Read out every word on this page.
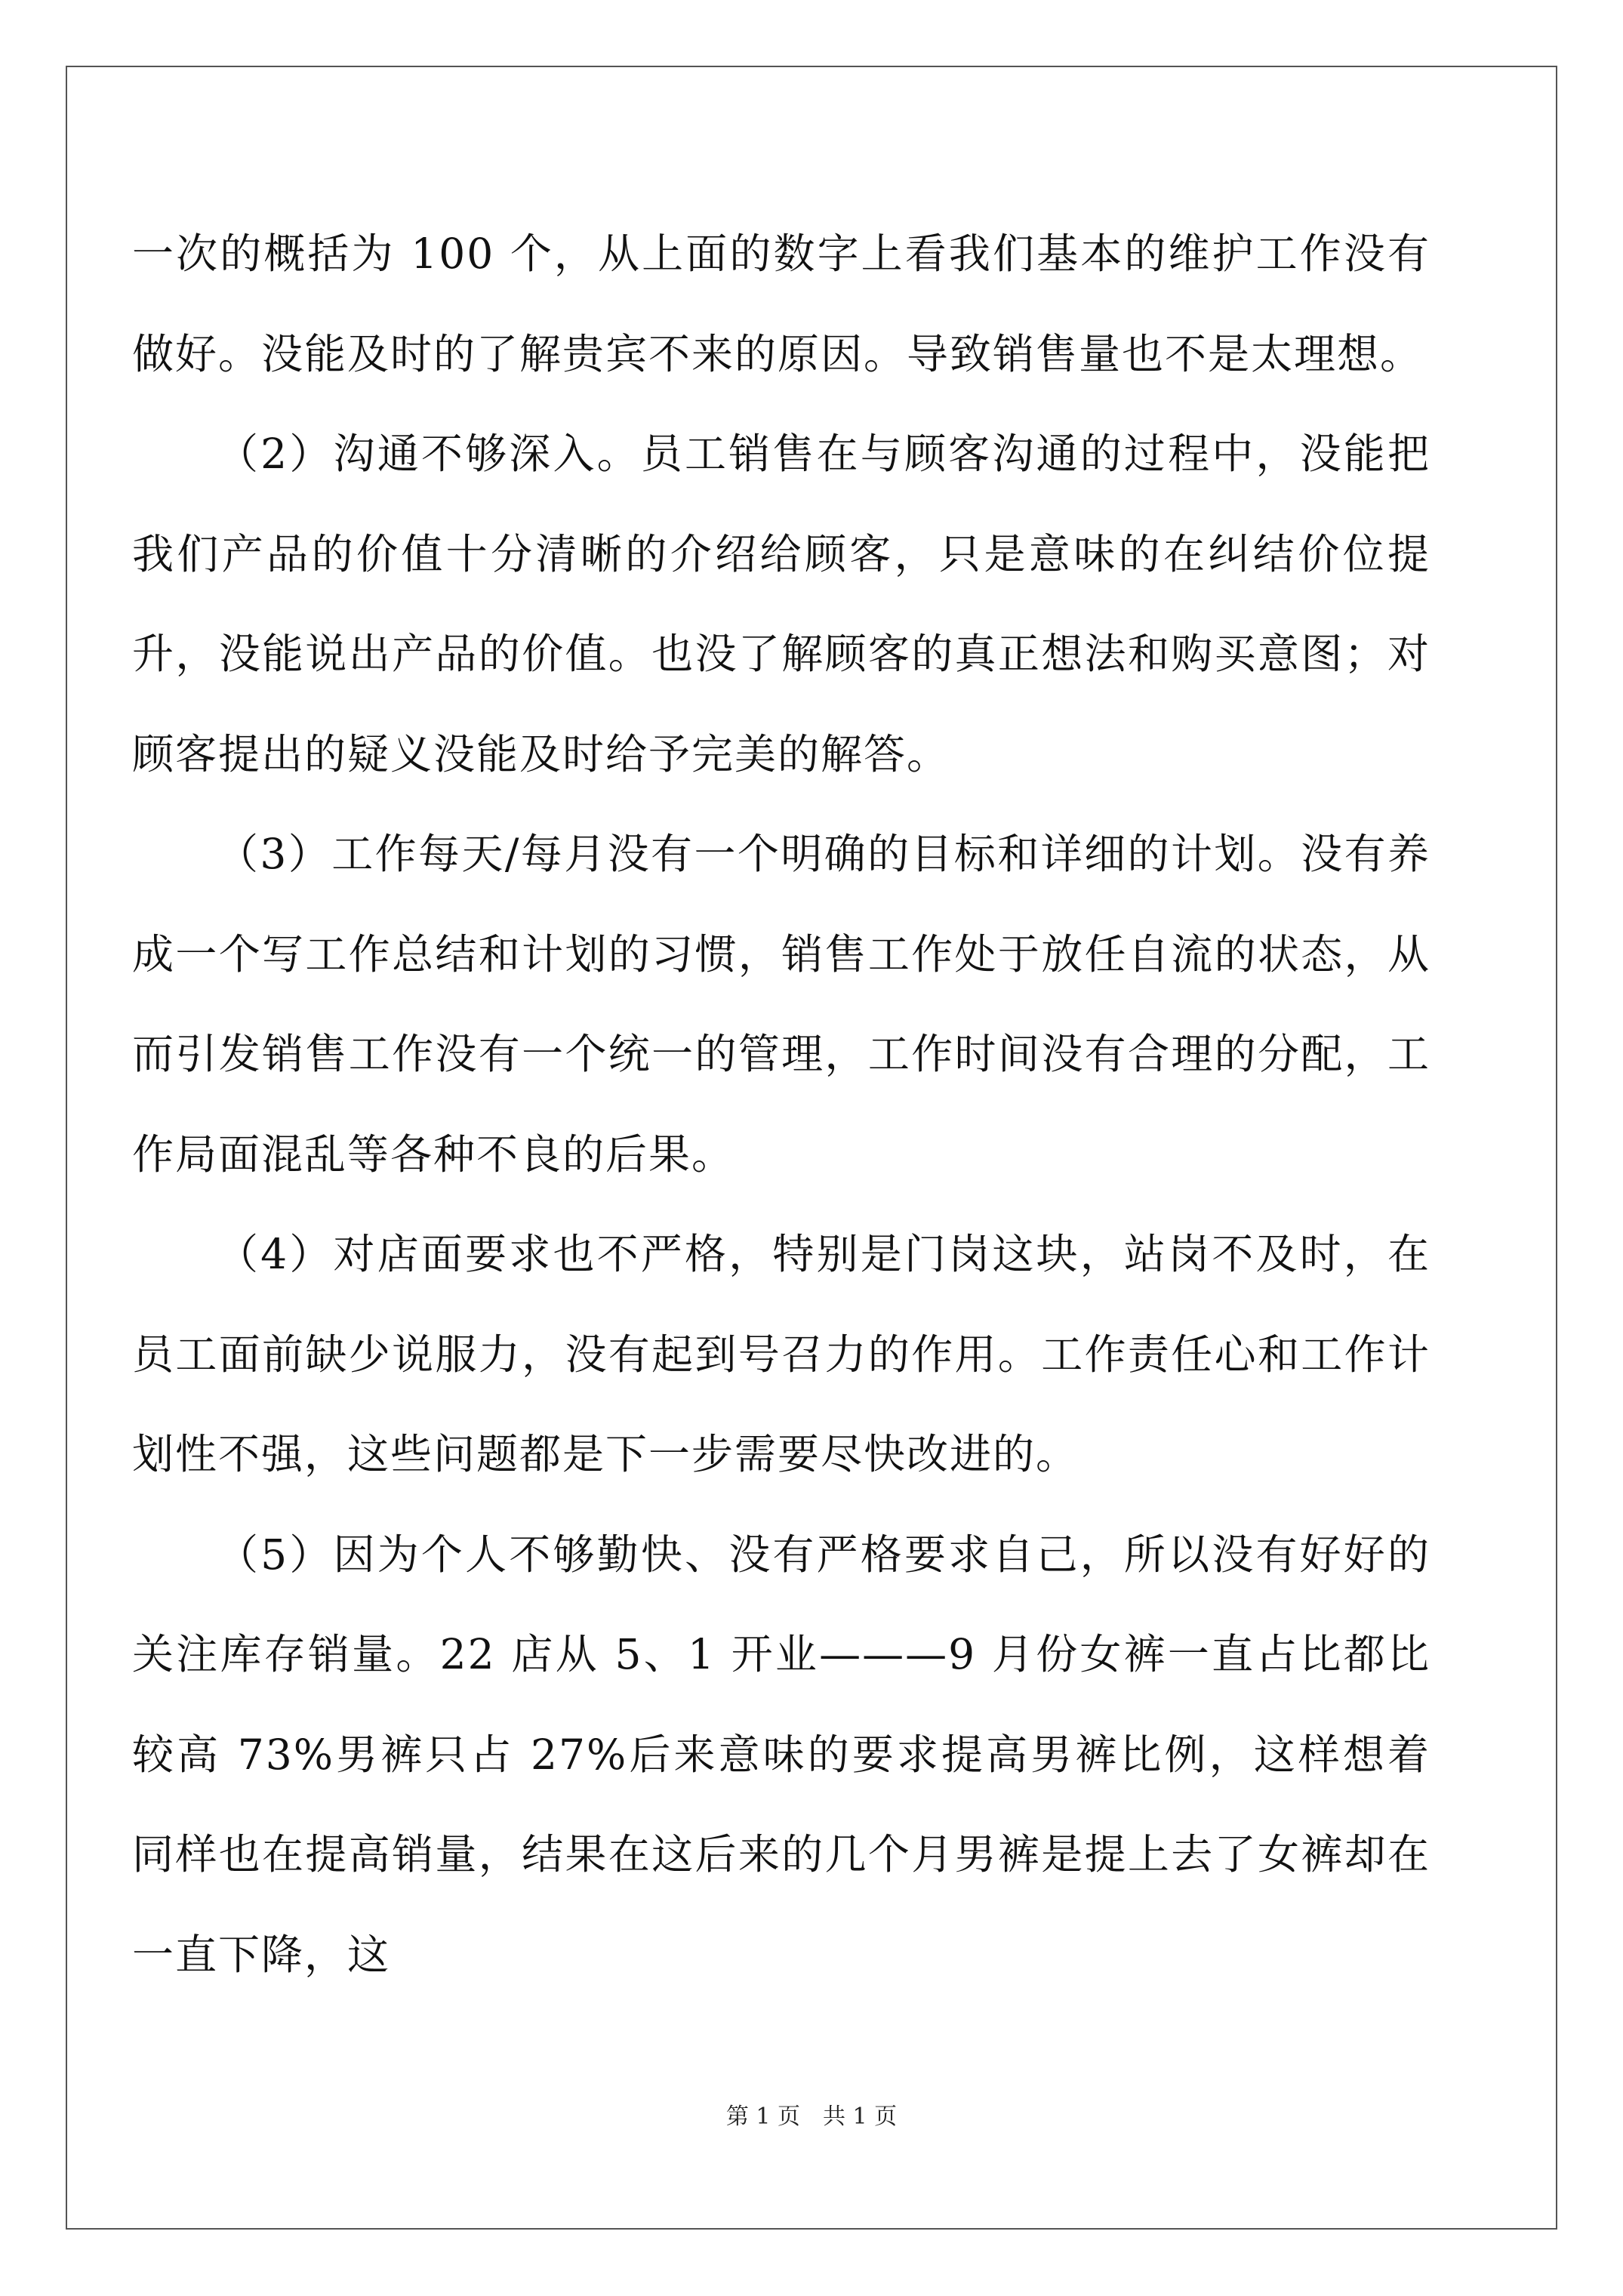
一次的概括为 100 个，从上面的数字上看我们基本的维护工作没有做好。没能及时的了解贵宾不来的原因。导致销售量也不是太理想。

（2）沟通不够深入。员工销售在与顾客沟通的过程中，没能把我们产品的价值十分清晰的介绍给顾客，只是意味的在纠结价位提升，没能说出产品的价值。也没了解顾客的真正想法和购买意图；对顾客提出的疑义没能及时给予完美的解答。

（3）工作每天/每月没有一个明确的目标和详细的计划。没有养成一个写工作总结和计划的习惯，销售工作处于放任自流的状态，从而引发销售工作没有一个统一的管理，工作时间没有合理的分配，工作局面混乱等各种不良的后果。

（4）对店面要求也不严格，特别是门岗这块，站岗不及时，在员工面前缺少说服力，没有起到号召力的作用。工作责任心和工作计划性不强，这些问题都是下一步需要尽快改进的。

（5）因为个人不够勤快、没有严格要求自己，所以没有好好的关注库存销量。22 店从 5、1 开业———9 月份女裤一直占比都比较高 73%男裤只占 27%后来意味的要求提高男裤比例，这样想着同样也在提高销量，结果在这后来的几个月男裤是提上去了女裤却在一直下降，这

第 1 页　共 1 页
